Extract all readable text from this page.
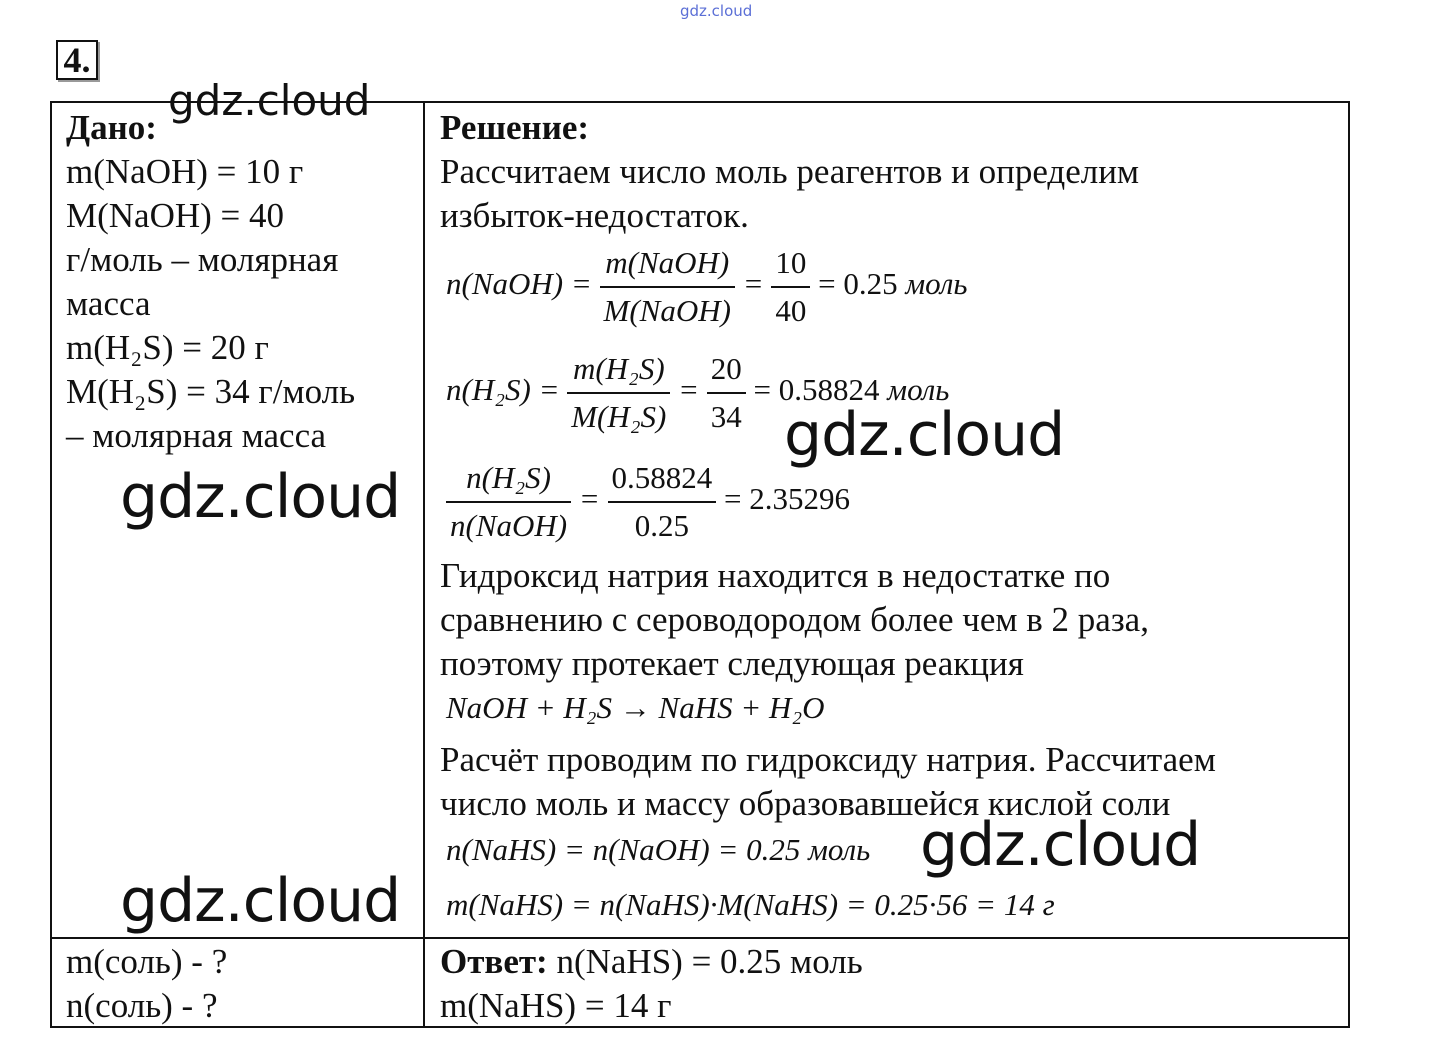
gdz.cloud
4.
Дано:
m(NaOH) = 10 г
M(NaOH) = 40
г/моль – молярная
масса
m(H₂S) = 20 г
M(H₂S) = 34 г/моль
– молярная масса
m(соль) - ?
n(соль) - ?
Решение:
Рассчитаем число моль реагентов и определим
избыток-недостаток.
n(NaOH) = $\frac{\text{m(NaOH)}}{\text{M(NaOH)}} = \frac{10}{40} = 0.25$ моль
$n(H_2S) = \frac{\text{m(H₂S)}}{\text{M(H₂S)}} = \frac{20}{34} = 0.58824$ моль
$\frac{\text{n(H₂S)}}{\text{n(NaOH)}} = \frac{0.58824}{0.25} = 2.35296$
Гидроксид натрия находится в недостатке по
сравнению с сероводородом более чем в 2 раза,
поэтому протекает следующая реакция
NaOH + H₂S → NaHS + H₂O
Расчёт проводим по гидроксиду натрия. Рассчитаем
число моль и массу образовавшейся кислой соли
n(NaHS) = n(NaOH) = 0.25 моль
m(NaHS) = n(NaHS)·M(NaHS) = 0.25·56 = 14 г
Ответ: n(NaHS) = 0.25 моль
m(NaHS) = 14 г
gdz.cloud
gdz.cloud
gdz.cloud
gdz.cloud
gdz.cloud
